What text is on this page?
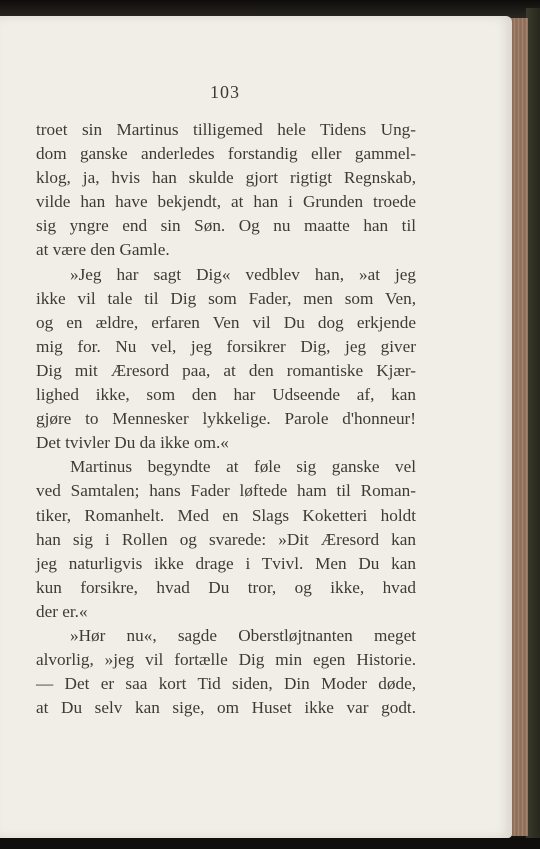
103
troet sin Martinus tilligemed hele Tidens Ung-
dom ganske anderledes forstandig eller gammel-
klog, ja, hvis han skulde gjort rigtigt Regnskab,
vilde han have bekjendt, at han i Grunden troede
sig yngre end sin Søn. Og nu maatte han til
at være den Gamle.
»Jeg har sagt Dig« vedblev han, »at jeg
ikke vil tale til Dig som Fader, men som Ven,
og en ældre, erfaren Ven vil Du dog erkjende
mig for. Nu vel, jeg forsikrer Dig, jeg giver
Dig mit Æresord paa, at den romantiske Kjær-
lighed ikke, som den har Udseende af, kan
gjøre to Mennesker lykkelige. Parole d'honneur!
Det tvivler Du da ikke om.«
Martinus begyndte at føle sig ganske vel
ved Samtalen; hans Fader løftede ham til Roman-
tiker, Romanhelt. Med en Slags Koketteri holdt
han sig i Rollen og svarede: »Dit Æresord kan
jeg naturligvis ikke drage i Tvivl. Men Du kan
kun forsikre, hvad Du tror, og ikke, hvad
der er.«
»Hør nu«, sagde Oberstløjtnanten meget
alvorlig, »jeg vil fortælle Dig min egen Historie.
— Det er saa kort Tid siden, Din Moder døde,
at Du selv kan sige, om Huset ikke var godt.
